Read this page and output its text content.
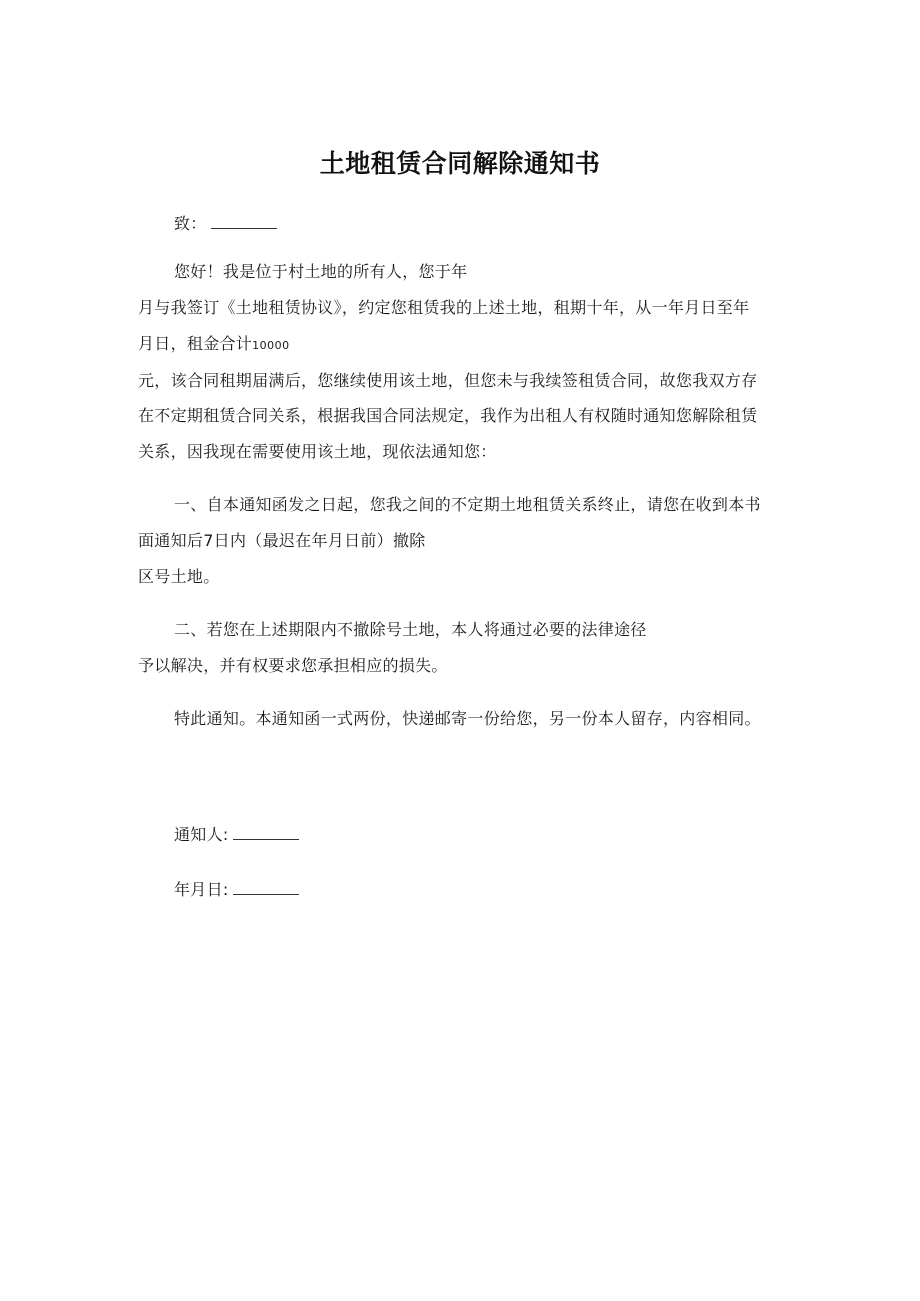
土地租赁合同解除通知书
致：
您好！我是位于村土地的所有人，您于年
月与我签订《土地租赁协议》，约定您租赁我的上述土地，租期十年，从一年月日至年
月日，租金合计10000
元，该合同租期届满后，您继续使用该土地，但您未与我续签租赁合同，故您我双方存
在不定期租赁合同关系，根据我国合同法规定，我作为出租人有权随时通知您解除租赁
关系，因我现在需要使用该土地，现依法通知您：
一、自本通知函发之日起，您我之间的不定期土地租赁关系终止，请您在收到本书
面通知后7日内（最迟在年月日前）撤除
区号土地。
二、若您在上述期限内不撤除号土地，本人将通过必要的法律途径
予以解决，并有权要求您承担相应的损失。
特此通知。本通知函一式两份，快递邮寄一份给您，另一份本人留存，内容相同。
通知人:
年月日:
